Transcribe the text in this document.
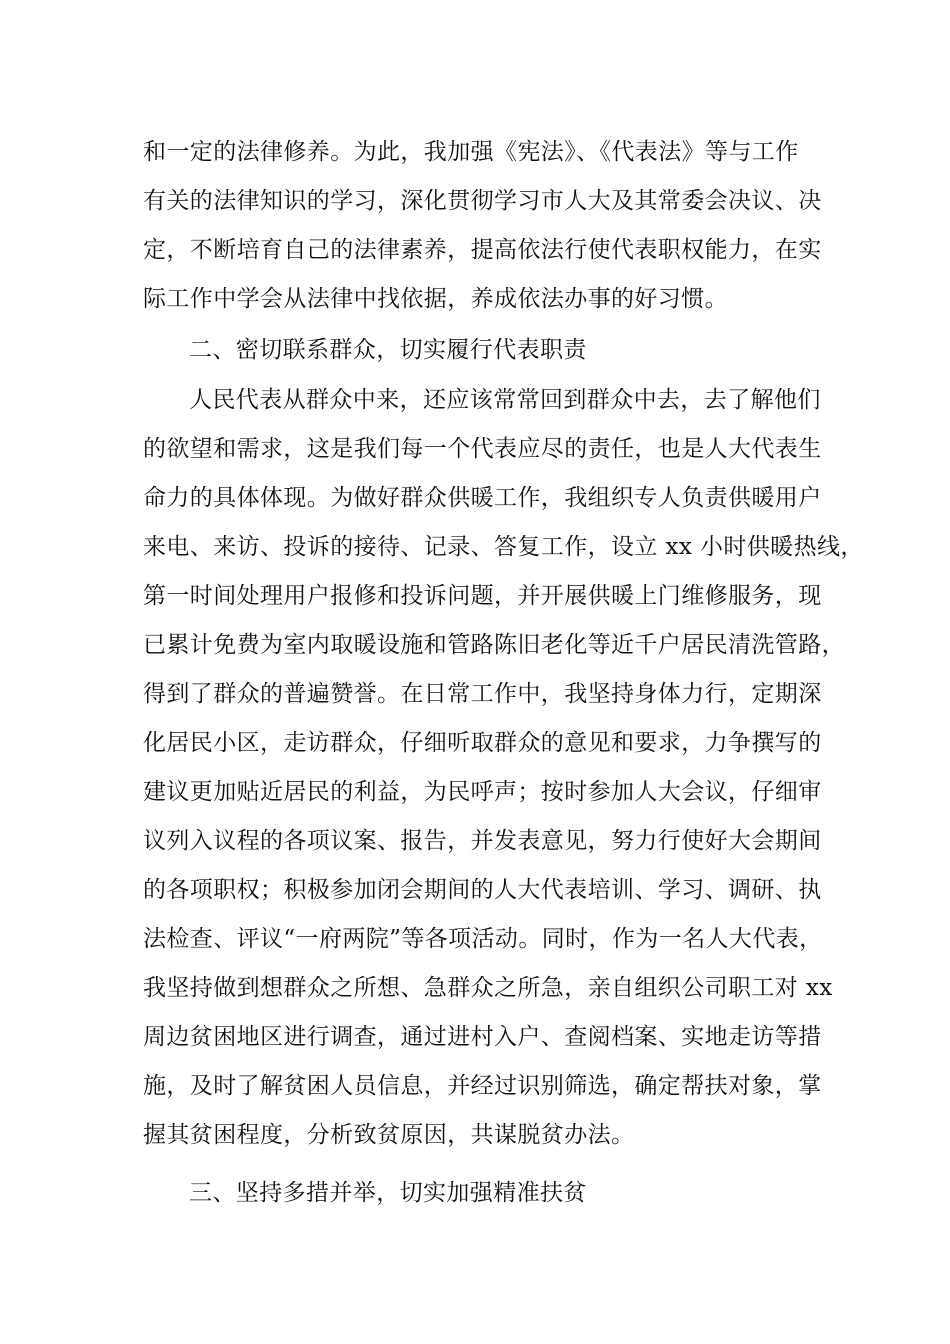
和一定的法律修养。为此，我加强《宪法》、《代表法》等与工作
有关的法律知识的学习，深化贯彻学习市人大及其常委会决议、决
定，不断培育自己的法律素养，提高依法行使代表职权能力，在实
际工作中学会从法律中找依据，养成依法办事的好习惯。
二、密切联系群众，切实履行代表职责
人民代表从群众中来，还应该常常回到群众中去，去了解他们
的欲望和需求，这是我们每一个代表应尽的责任，也是人大代表生
命力的具体体现。为做好群众供暖工作，我组织专人负责供暖用户
来电、来访、投诉的接待、记录、答复工作，设立 xx 小时供暖热线，
第一时间处理用户报修和投诉问题，并开展供暖上门维修服务，现
已累计免费为室内取暖设施和管路陈旧老化等近千户居民清洗管路，
得到了群众的普遍赞誉。在日常工作中，我坚持身体力行，定期深
化居民小区，走访群众，仔细听取群众的意见和要求，力争撰写的
建议更加贴近居民的利益，为民呼声；按时参加人大会议，仔细审
议列入议程的各项议案、报告，并发表意见，努力行使好大会期间
的各项职权；积极参加闭会期间的人大代表培训、学习、调研、执
法检查、评议“一府两院”等各项活动。同时，作为一名人大代表，
我坚持做到想群众之所想、急群众之所急，亲自组织公司职工对 xx
周边贫困地区进行调查，通过进村入户、查阅档案、实地走访等措
施，及时了解贫困人员信息，并经过识别筛选，确定帮扶对象，掌
握其贫困程度，分析致贫原因，共谋脱贫办法。
三、坚持多措并举，切实加强精准扶贫
